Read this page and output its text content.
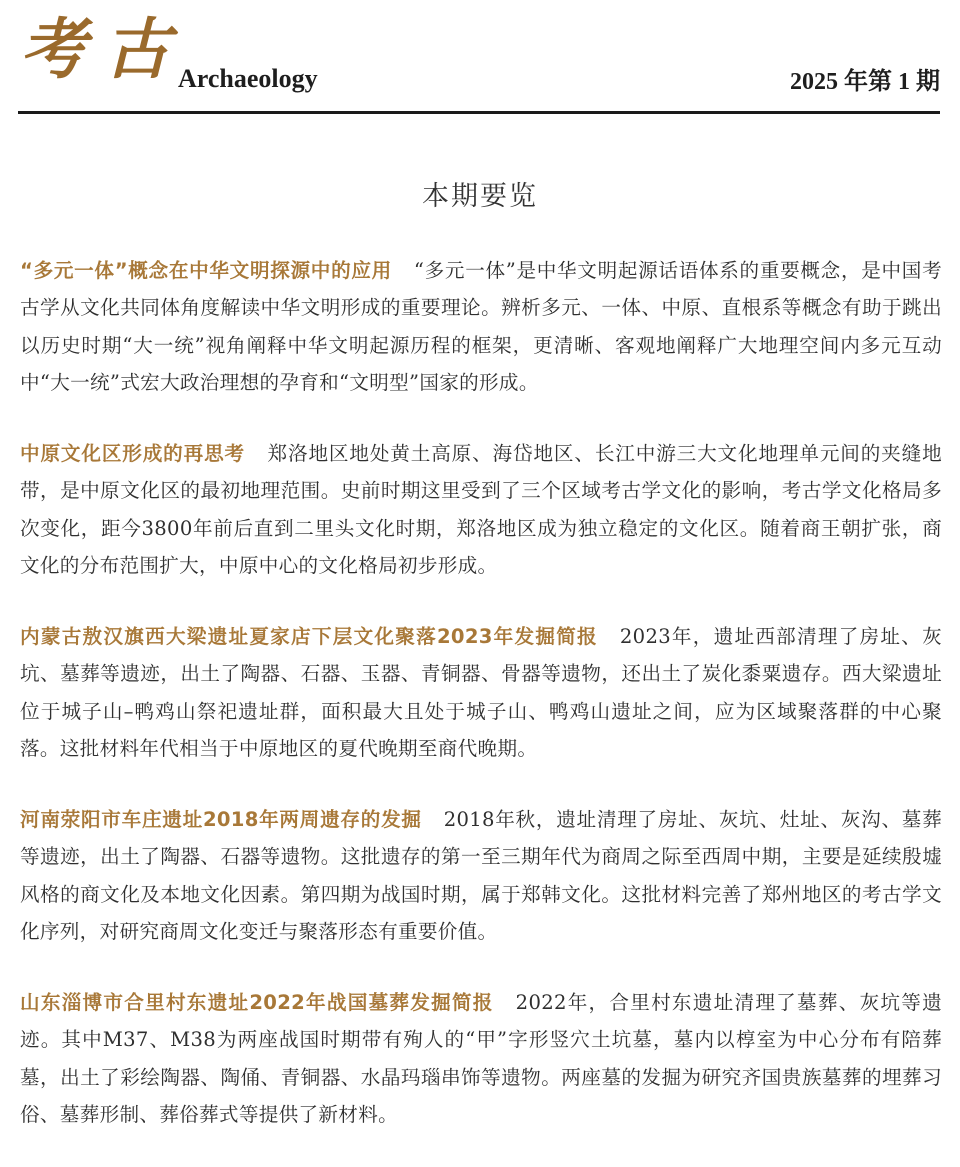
考古
Archaeology	2025 年第 1 期
本期要览

“多元一体”概念在中华文明探源中的应用 “多元一体”是中华文明起源话语体系的重要概念，是中国考古学从文化共同体角度解读中华文明形成的重要理论。辨析多元、一体、中原、直根系等概念有助于跳出以历史时期“大一统”视角阐释中华文明起源历程的框架，更清晰、客观地阐释广大地理空间内多元互动中“大一统”式宏大政治理想的孕育和“文明型”国家的形成。

中原文化区形成的再思考 郑洛地区地处黄土高原、海岱地区、长江中游三大文化地理单元间的夹缝地带，是中原文化区的最初地理范围。史前时期这里受到了三个区域考古学文化的影响，考古学文化格局多次变化，距今3800年前后直到二里头文化时期，郑洛地区成为独立稳定的文化区。随着商王朝扩张，商文化的分布范围扩大，中原中心的文化格局初步形成。

内蒙古敖汉旗西大梁遗址夏家店下层文化聚落2023年发掘简报 2023年，遗址西部清理了房址、灰坑、墓葬等遗迹，出土了陶器、石器、玉器、青铜器、骨器等遗物，还出土了炭化黍粟遗存。西大梁遗址位于城子山–鸭鸡山祭祀遗址群，面积最大且处于城子山、鸭鸡山遗址之间，应为区域聚落群的中心聚落。这批材料年代相当于中原地区的夏代晚期至商代晚期。

河南荥阳市车庄遗址2018年两周遗存的发掘 2018年秋，遗址清理了房址、灰坑、灶址、灰沟、墓葬等遗迹，出土了陶器、石器等遗物。这批遗存的第一至三期年代为商周之际至西周中期，主要是延续殷墟风格的商文化及本地文化因素。第四期为战国时期，属于郑韩文化。这批材料完善了郑州地区的考古学文化序列，对研究商周文化变迁与聚落形态有重要价值。

山东淄博市合里村东遗址2022年战国墓葬发掘简报 2022年，合里村东遗址清理了墓葬、灰坑等遗迹。其中M37、M38为两座战国时期带有殉人的“甲”字形竖穴土坑墓，墓内以椁室为中心分布有陪葬墓，出土了彩绘陶器、陶俑、青铜器、水晶玛瑙串饰等遗物。两座墓的发掘为研究齐国贵族墓葬的埋葬习俗、墓葬形制、葬俗葬式等提供了新材料。
